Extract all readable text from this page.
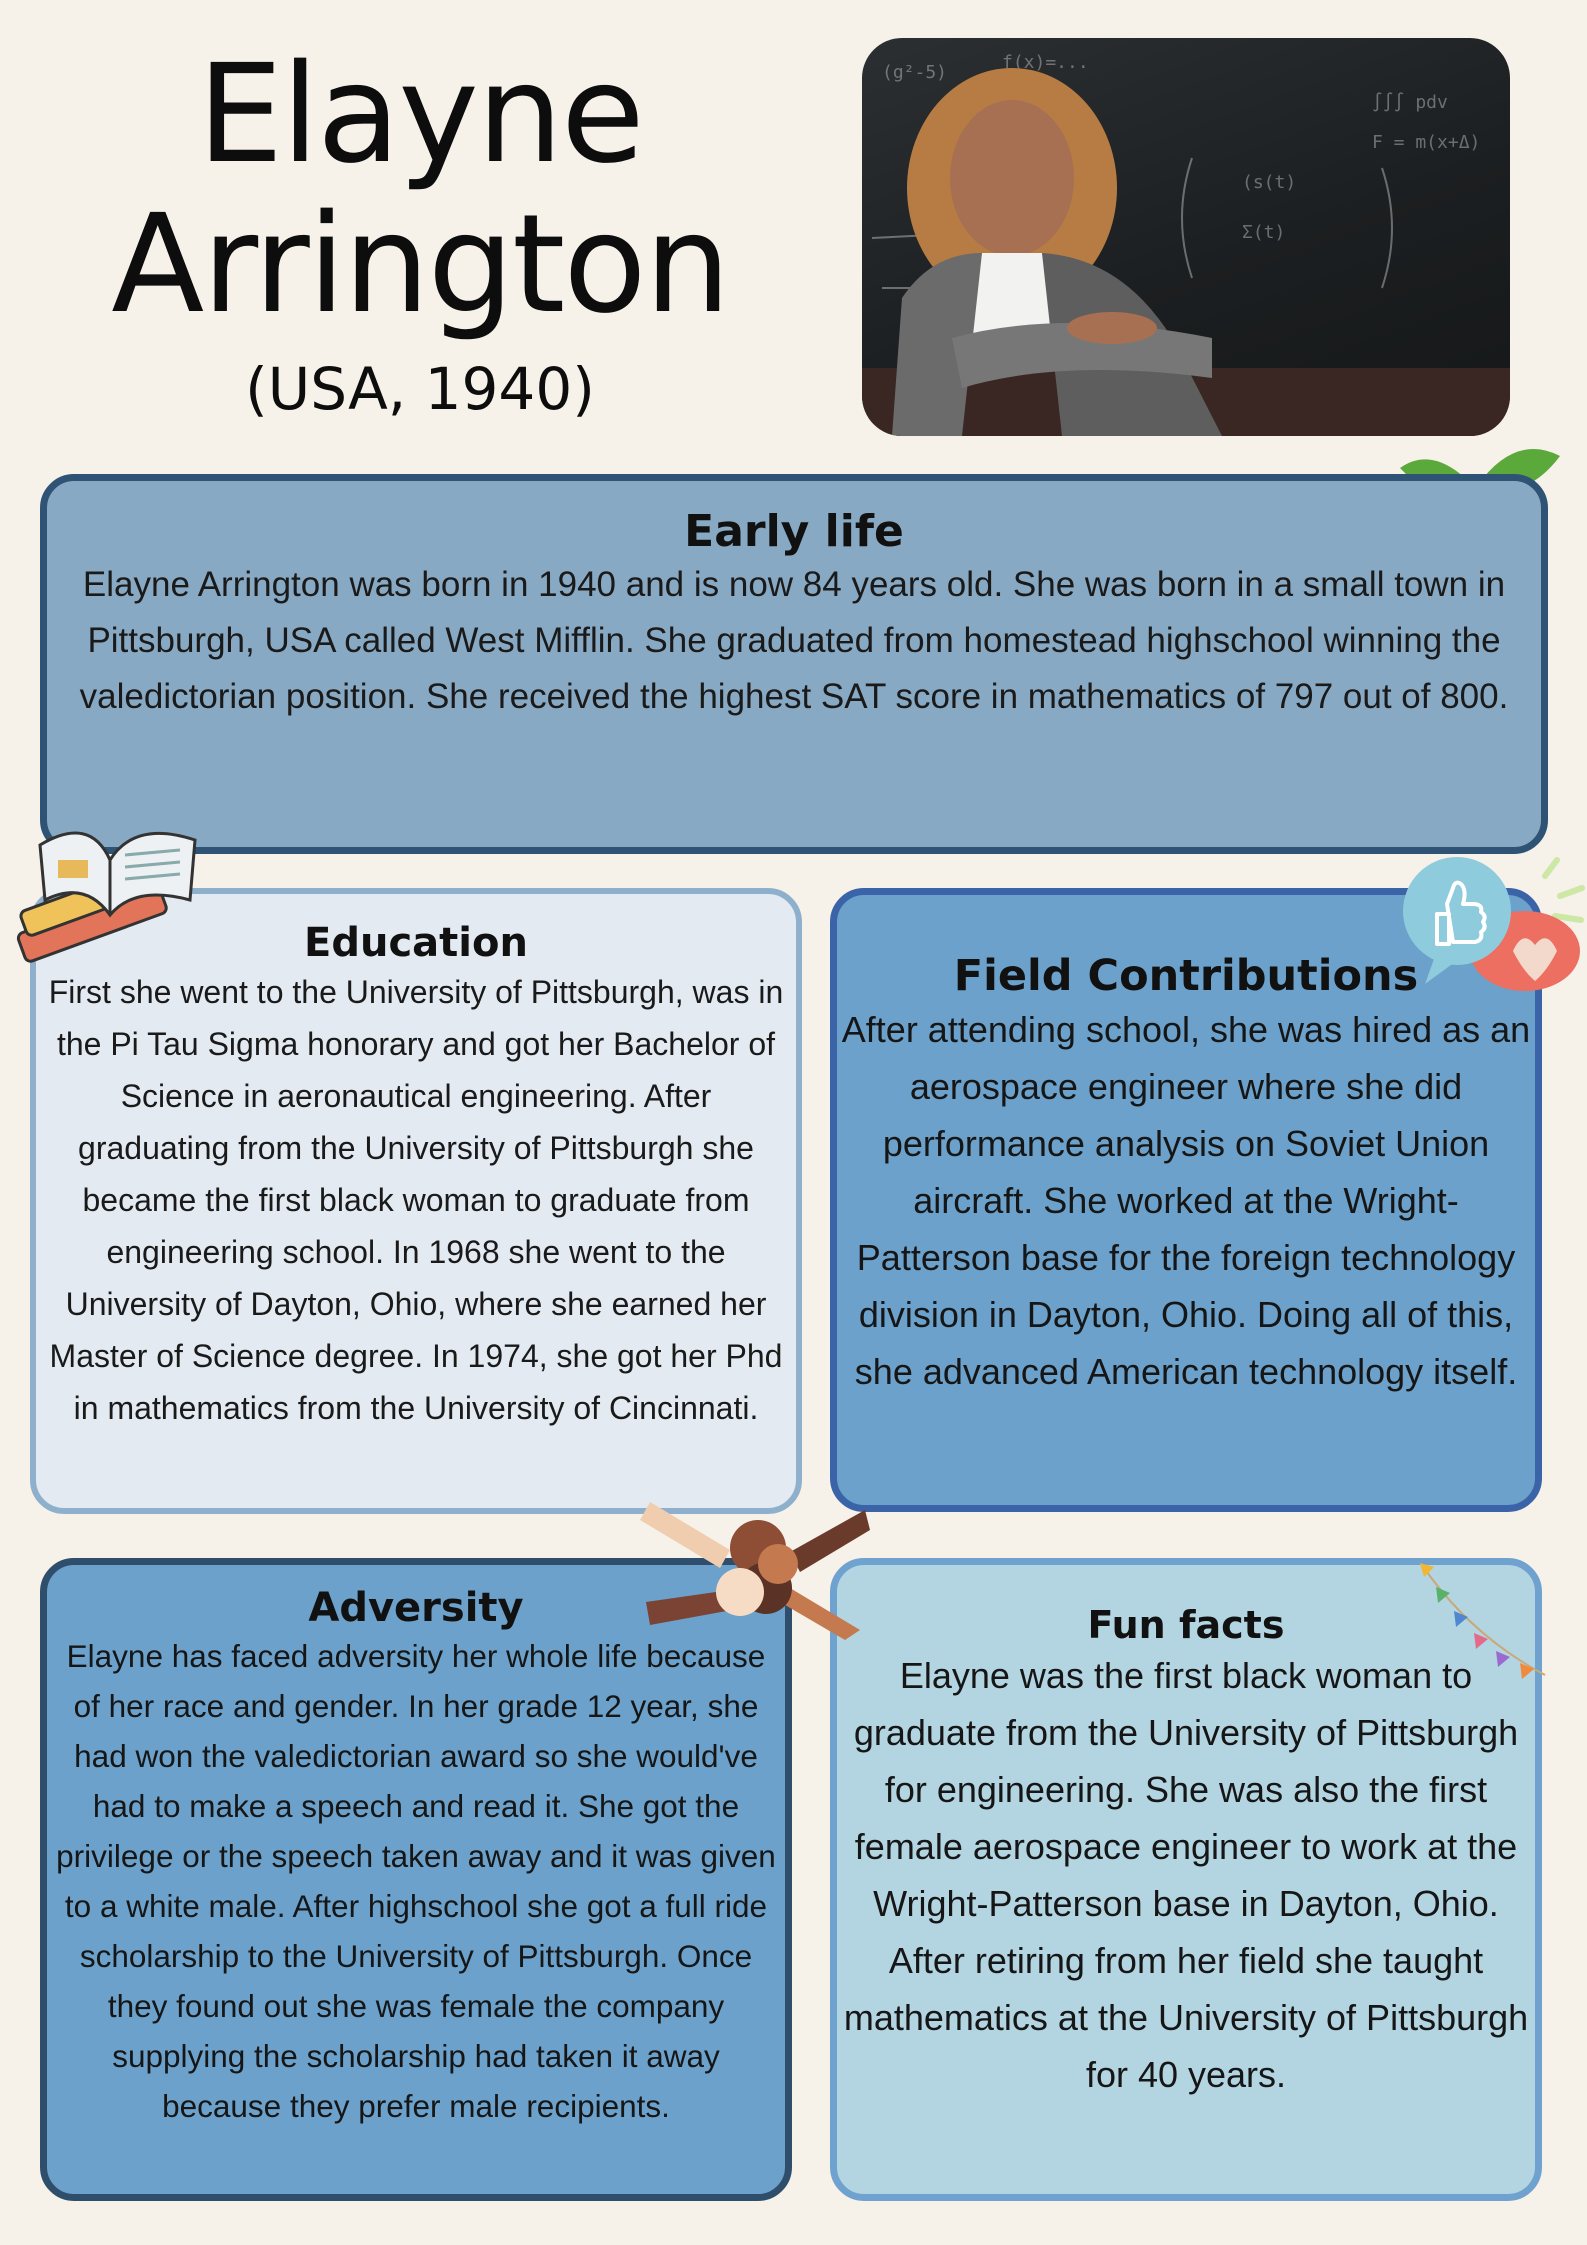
Elayne
Arrington
(USA, 1940)
(g²-5)	f(x)=...
∫∫∫ pdv
F = m(x+Δ)
(s(t)
Σ(t)
Early life

Elayne Arrington was born in 1940 and is now 84 years old. She was born in a small town in Pittsburgh, USA called West Mifflin. She graduated from homestead highschool winning the valedictorian position. She received the highest SAT score in mathematics of 797 out of 800.

Education

First she went to the University of Pittsburgh, was in the Pi Tau Sigma honorary and got her Bachelor of Science in aeronautical engineering. After graduating from the University of Pittsburgh she became the first black woman to graduate from engineering school. In 1968 she went to the University of Dayton, Ohio, where she earned her Master of Science degree. In 1974, she got her Phd in mathematics from the University of Cincinnati.

Field Contributions

After attending school, she was hired as an aerospace engineer where she did performance analysis on Soviet Union aircraft. She worked at the Wright-Patterson base for the foreign technology division in Dayton, Ohio. Doing all of this, she advanced American technology itself.

Adversity

Elayne has faced adversity her whole life because of her race and gender. In her grade 12 year, she had won the valedictorian award so she would've had to make a speech and read it. She got the privilege or the speech taken away and it was given to a white male. After highschool she got a full ride scholarship to the University of Pittsburgh. Once they found out she was female the company supplying the scholarship had taken it away because they prefer male recipients.

Fun facts

Elayne was the first black woman to graduate from the University of Pittsburgh for engineering. She was also the first female aerospace engineer to work at the Wright-Patterson base in Dayton, Ohio. After retiring from her field she taught mathematics at the University of Pittsburgh for 40 years.
